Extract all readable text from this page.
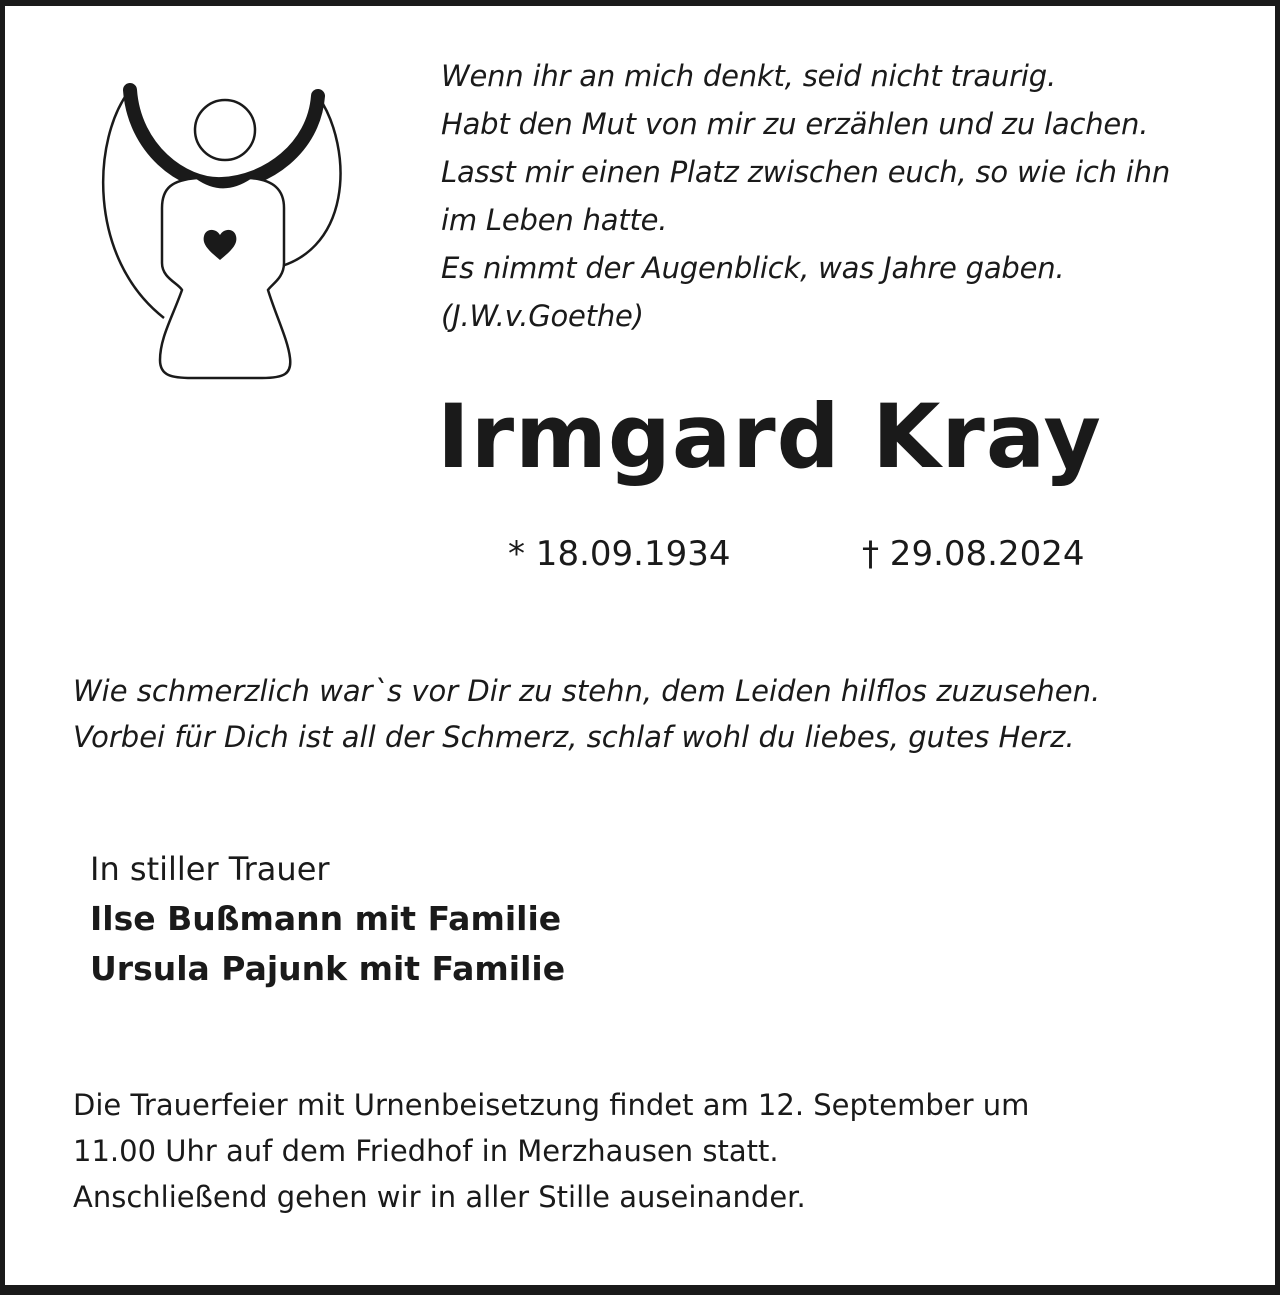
Wenn ihr an mich denkt, seid nicht traurig.
Habt den Mut von mir zu erzählen und zu lachen.
Lasst mir einen Platz zwischen euch, so wie ich ihn
im Leben hatte.
Es nimmt der Augenblick, was Jahre gaben.
(J.W.v.Goethe)
Irmgard Kray
* 18.09.1934	† 29.08.2024
Wie schmerzlich war`s vor Dir zu stehn, dem Leiden hilflos zuzusehen.
Vorbei für Dich ist all der Schmerz, schlaf wohl du liebes, gutes Herz.
In stiller Trauer
Ilse Bußmann mit Familie
Ursula Pajunk mit Familie
Die Trauerfeier mit Urnenbeisetzung findet am 12. September um
11.00 Uhr auf dem Friedhof in Merzhausen statt.
Anschließend gehen wir in aller Stille auseinander.
